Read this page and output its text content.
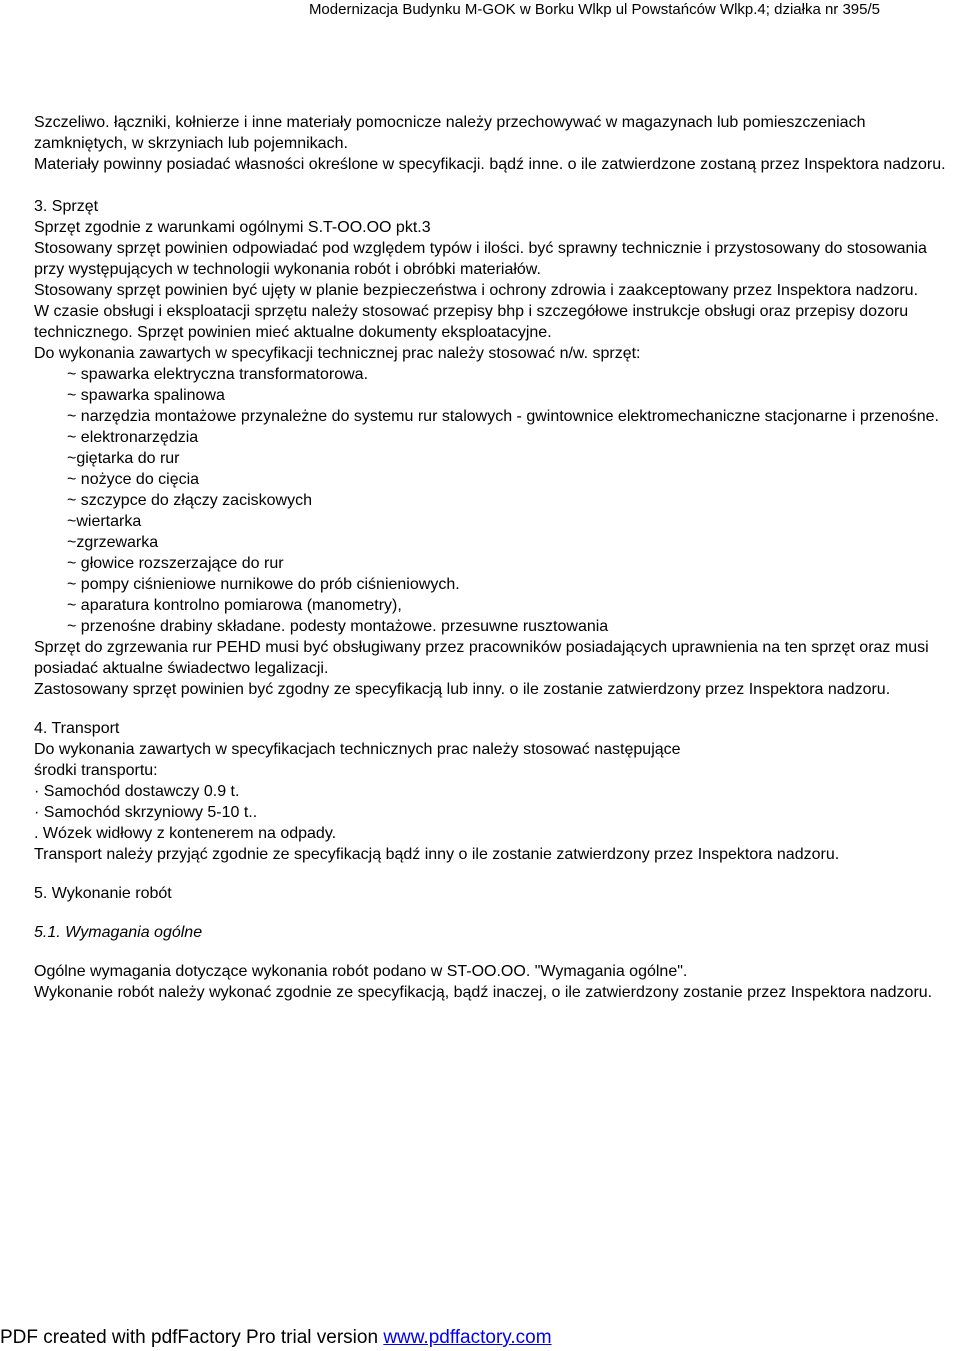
Modernizacja Budynku M-GOK w Borku Wlkp ul Powstańców Wlkp.4; działka nr 395/5

Szczeliwo. łączniki, kołnierze i inne materiały pomocnicze należy przechowywać w magazynach lub pomieszczeniach zamkniętych, w skrzyniach lub pojemnikach.

Materiały powinny posiadać własności określone w specyfikacji. bądź inne. o ile zatwierdzone zostaną przez Inspektora nadzoru.

3. Sprzęt

Sprzęt zgodnie z warunkami ogólnymi S.T-OO.OO pkt.3

Stosowany sprzęt powinien odpowiadać pod względem typów i ilości. być sprawny technicznie i przystosowany do stosowania przy występujących w technologii wykonania robót i obróbki materiałów.

Stosowany sprzęt powinien być ujęty w planie bezpieczeństwa i ochrony zdrowia i zaakceptowany przez Inspektora nadzoru.

W czasie obsługi i eksploatacji sprzętu należy stosować przepisy bhp i szczegółowe instrukcje obsługi oraz przepisy dozoru technicznego. Sprzęt powinien mieć aktualne dokumenty eksploatacyjne.

Do wykonania zawartych w specyfikacji technicznej prac należy stosować n/w. sprzęt:

~ spawarka elektryczna transformatorowa.
~ spawarka spalinowa
~ narzędzia montażowe przynależne do systemu rur stalowych - gwintownice elektromechaniczne stacjonarne i przenośne.
~ elektronarzędzia
~giętarka do rur
~ nożyce do cięcia
~ szczypce do złączy zaciskowych
~wiertarka
~zgrzewarka
~ głowice rozszerzające do rur
~ pompy ciśnieniowe nurnikowe do prób ciśnieniowych.
~ aparatura kontrolno pomiarowa (manometry),
~ przenośne drabiny składane. podesty montażowe. przesuwne rusztowania

Sprzęt do zgrzewania rur PEHD musi być obsługiwany przez pracowników posiadających uprawnienia na ten sprzęt oraz musi posiadać aktualne świadectwo legalizacji.

Zastosowany sprzęt powinien być zgodny ze specyfikacją lub inny. o ile zostanie zatwierdzony przez Inspektora nadzoru.

4. Transport

Do wykonania zawartych w specyfikacjach technicznych prac należy stosować następujące

środki transportu:

· Samochód dostawczy 0.9 t.

· Samochód skrzyniowy 5-10 t..

. Wózek widłowy z kontenerem na odpady.

Transport należy przyjąć zgodnie ze specyfikacją bądź inny o ile zostanie zatwierdzony przez Inspektora nadzoru.

5. Wykonanie robót

5.1. Wymagania ogólne

Ogólne wymagania dotyczące wykonania robót podano w ST-OO.OO. "Wymagania ogólne".

Wykonanie robót należy wykonać zgodnie ze specyfikacją, bądź inaczej, o ile zatwierdzony zostanie przez Inspektora nadzoru.

PDF created with pdfFactory Pro trial version www.pdffactory.com
